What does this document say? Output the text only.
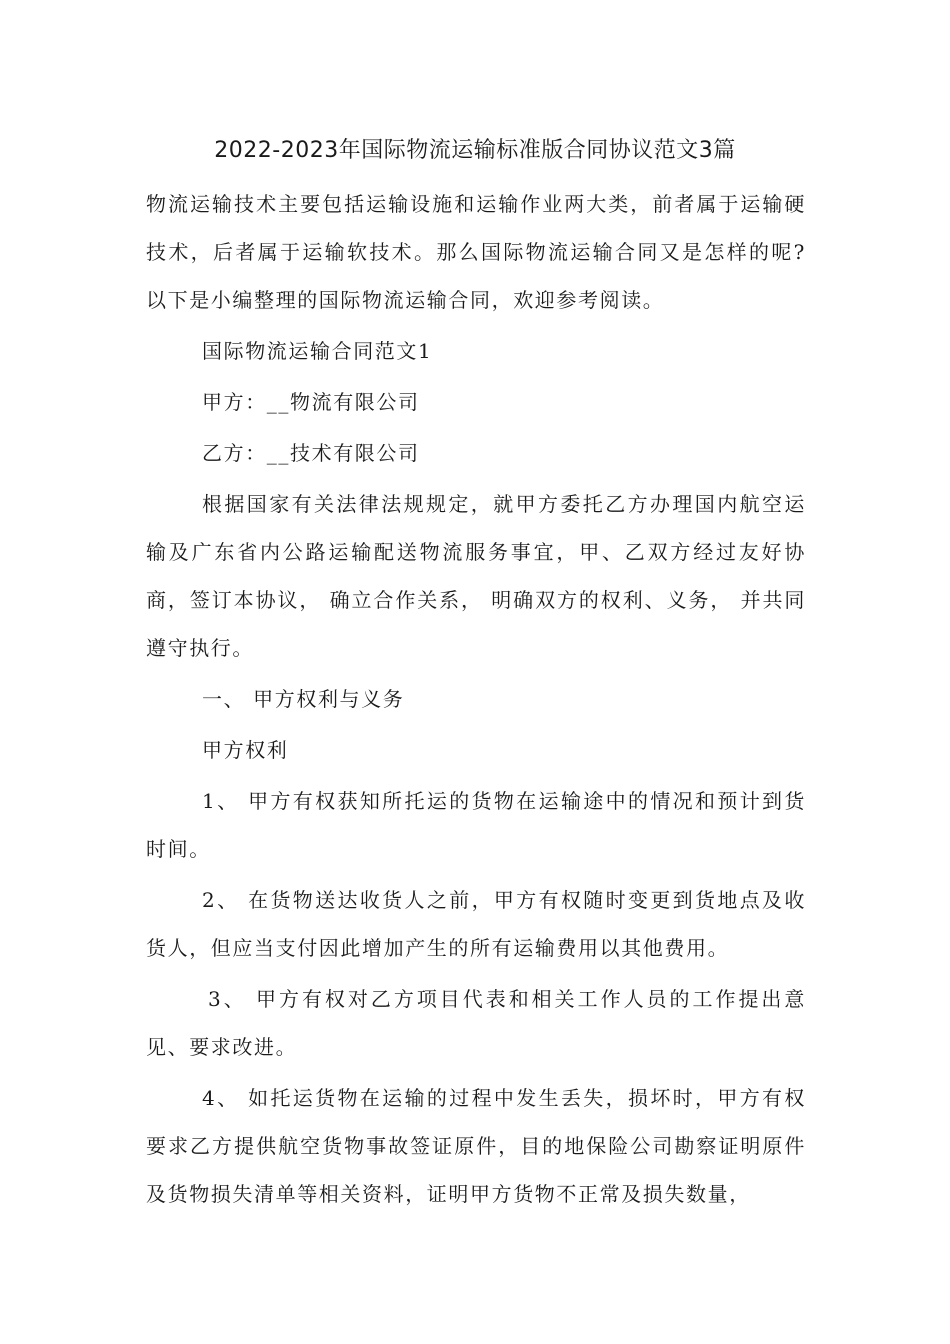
2022-2023年国际物流运输标准版合同协议范文3篇

物流运输技术主要包括运输设施和运输作业两大类，前者属于运输硬技术，后者属于运输软技术。那么国际物流运输合同又是怎样的呢?以下是小编整理的国际物流运输合同，欢迎参考阅读。

国际物流运输合同范文1

甲方：__物流有限公司

乙方：__技术有限公司

根据国家有关法律法规规定，就甲方委托乙方办理国内航空运输及广东省内公路运输配送物流服务事宜，甲、乙双方经过友好协商，签订本协议， 确立合作关系， 明确双方的权利、义务， 并共同遵守执行。

一、 甲方权利与义务

甲方权利

1、 甲方有权获知所托运的货物在运输途中的情况和预计到货时间。

2、 在货物送达收货人之前，甲方有权随时变更到货地点及收货人，但应当支付因此增加产生的所有运输费用以其他费用。

3、 甲方有权对乙方项目代表和相关工作人员的工作提出意见、要求改进。

4、 如托运货物在运输的过程中发生丢失，损坏时，甲方有权要求乙方提供航空货物事故签证原件，目的地保险公司勘察证明原件及货物损失清单等相关资料，证明甲方货物不正常及损失数量，
